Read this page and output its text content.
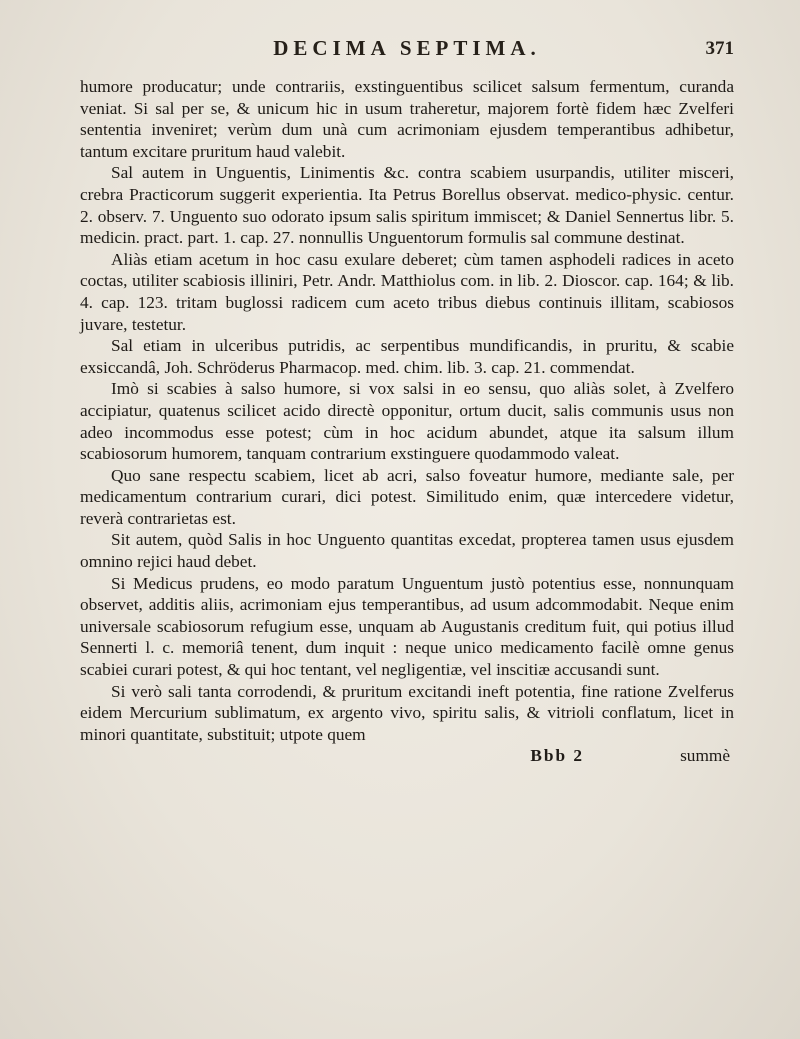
DECIMA SEPTIMA.	371

humore producatur; unde contrariis, exstinguentibus scilicet salsum fermentum, curanda veniat. Si sal per se, & unicum hic in usum traheretur, majorem fortè fidem hæc Zvelferi sententia inveniret; verùm dum unà cum acrimoniam ejusdem temperantibus adhibetur, tantum excitare pruritum haud valebit.

Sal autem in Unguentis, Linimentis &c. contra scabiem usurpandis, utiliter misceri, crebra Practicorum suggerit experientia. Ita Petrus Borellus observat. medico-physic. centur. 2. observ. 7. Unguento suo odorato ipsum salis spiritum immiscet; & Daniel Sennertus libr. 5. medicin. pract. part. 1. cap. 27. nonnullis Unguentorum formulis sal commune destinat.

Aliàs etiam acetum in hoc casu exulare deberet; cùm tamen asphodeli radices in aceto coctas, utiliter scabiosis illiniri, Petr. Andr. Matthiolus com. in lib. 2. Dioscor. cap. 164; & lib. 4. cap. 123. tritam buglossi radicem cum aceto tribus diebus continuis illitam, scabiosos juvare, testetur.

Sal etiam in ulceribus putridis, ac serpentibus mundificandis, in pruritu, & scabie exsiccandâ, Joh. Schröderus Pharmacop. med. chim. lib. 3. cap. 21. commendat.

Imò si scabies à salso humore, si vox salsi in eo sensu, quo aliàs solet, à Zvelfero accipiatur, quatenus scilicet acido directè opponitur, ortum ducit, salis communis usus non adeo incommodus esse potest; cùm in hoc acidum abundet, atque ita salsum illum scabiosorum humorem, tanquam contrarium exstinguere quodammodo valeat.

Quo sane respectu scabiem, licet ab acri, salso foveatur humore, mediante sale, per medicamentum contrarium curari, dici potest. Similitudo enim, quæ intercedere videtur, reverà contrarietas est.

Sit autem, quòd Salis in hoc Unguento quantitas excedat, propterea tamen usus ejusdem omnino rejici haud debet.

Si Medicus prudens, eo modo paratum Unguentum justò potentius esse, nonnunquam observet, additis aliis, acrimoniam ejus temperantibus, ad usum adcommodabit. Neque enim universale scabiosorum refugium esse, unquam ab Augustanis creditum fuit, qui potius illud Sennerti l. c. memoriâ tenent, dum inquit : neque unico medicamento facilè omne genus scabiei curari potest, & qui hoc tentant, vel negligentiæ, vel inscitiæ accusandi sunt.

Si verò sali tanta corrodendi, & pruritum excitandi ineft potentia, fine ratione Zvelferus eidem Mercurium sublimatum, ex argento vivo, spiritu salis, & vitrioli conflatum, licet in minori quantitate, substituit; utpote quem

Bbb 2	summè
